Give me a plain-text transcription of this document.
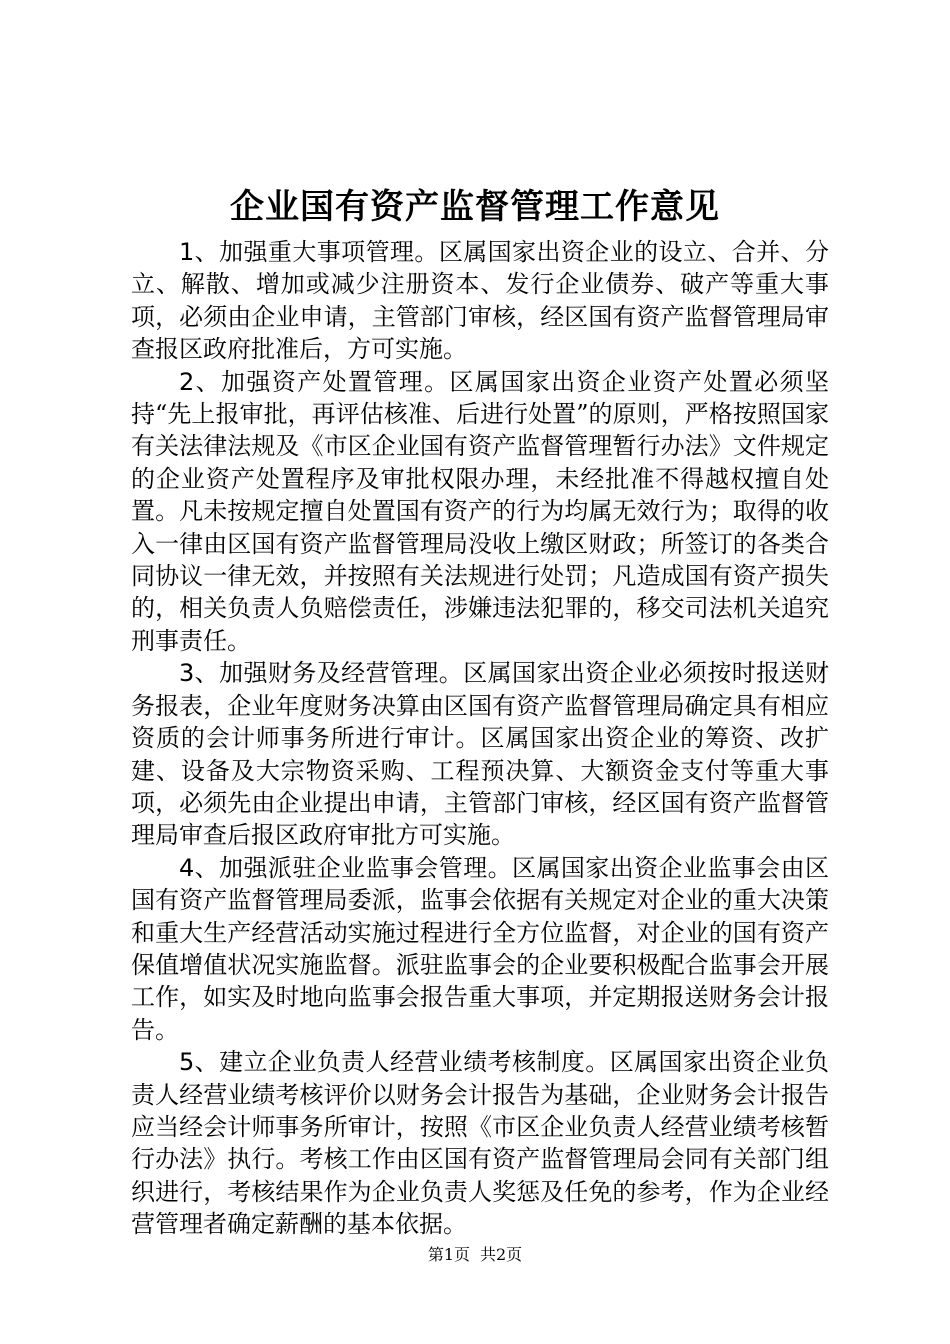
企业国有资产监督管理工作意见

1、加强重大事项管理。区属国家出资企业的设立、合并、分立、解散、增加或减少注册资本、发行企业债券、破产等重大事项，必须由企业申请，主管部门审核，经区国有资产监督管理局审查报区政府批准后，方可实施。

2、加强资产处置管理。区属国家出资企业资产处置必须坚持“先上报审批，再评估核准、后进行处置”的原则，严格按照国家有关法律法规及《市区企业国有资产监督管理暂行办法》文件规定的企业资产处置程序及审批权限办理，未经批准不得越权擅自处置。凡未按规定擅自处置国有资产的行为均属无效行为；取得的收入一律由区国有资产监督管理局没收上缴区财政；所签订的各类合同协议一律无效，并按照有关法规进行处罚；凡造成国有资产损失的，相关负责人负赔偿责任，涉嫌违法犯罪的，移交司法机关追究刑事责任。

3、加强财务及经营管理。区属国家出资企业必须按时报送财务报表，企业年度财务决算由区国有资产监督管理局确定具有相应资质的会计师事务所进行审计。区属国家出资企业的筹资、改扩建、设备及大宗物资采购、工程预决算、大额资金支付等重大事项，必须先由企业提出申请，主管部门审核，经区国有资产监督管理局审查后报区政府审批方可实施。

4、加强派驻企业监事会管理。区属国家出资企业监事会由区国有资产监督管理局委派，监事会依据有关规定对企业的重大决策和重大生产经营活动实施过程进行全方位监督，对企业的国有资产保值增值状况实施监督。派驻监事会的企业要积极配合监事会开展工作，如实及时地向监事会报告重大事项，并定期报送财务会计报告。

5、建立企业负责人经营业绩考核制度。区属国家出资企业负责人经营业绩考核评价以财务会计报告为基础，企业财务会计报告应当经会计师事务所审计，按照《市区企业负责人经营业绩考核暂行办法》执行。考核工作由区国有资产监督管理局会同有关部门组织进行，考核结果作为企业负责人奖惩及任免的参考，作为企业经营管理者确定薪酬的基本依据。

第1页 共2页
